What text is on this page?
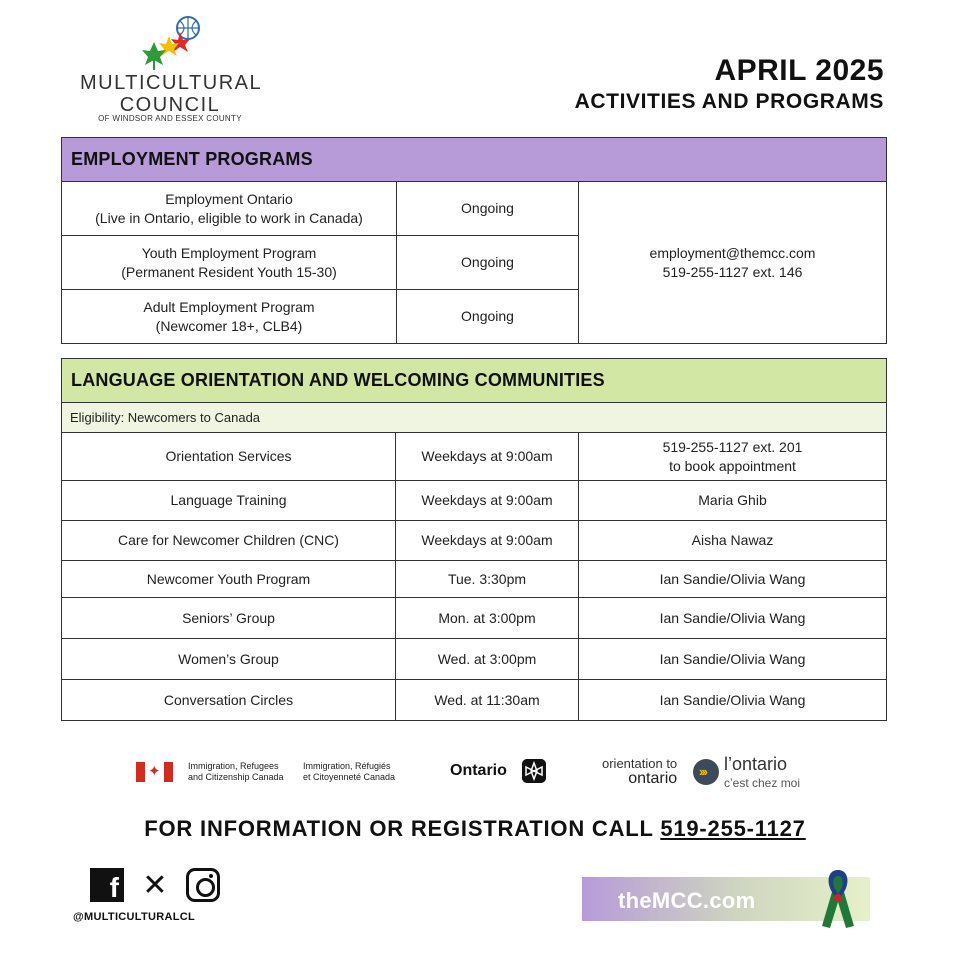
MULTICULTURAL
COUNCIL
OF WINDSOR AND ESSEX COUNTY
APRIL 2025
ACTIVITIES AND PROGRAMS
EMPLOYMENT PROGRAMS		
Employment Ontario
(Live in Ontario, eligible to work in Canada)	Ongoing	employment@themcc.com
519-255-1127 ext. 146
Youth Employment Program
(Permanent Resident Youth 15-30)	Ongoing	
Adult Employment Program
(Newcomer 18+, CLB4)	Ongoing	
LANGUAGE ORIENTATION AND WELCOMING COMMUNITIES		
Eligibility: Newcomers to Canada		
Orientation Services	Weekdays at 9:00am	519-255-1127 ext. 201
to book appointment
Language Training	Weekdays at 9:00am	Maria Ghib
Care for Newcomer Children (CNC)	Weekdays at 9:00am	Aisha Nawaz
Newcomer Youth Program	Tue. 3:30pm	Ian Sandie/Olivia Wang
Seniors’ Group	Mon. at 3:00pm	Ian Sandie/Olivia Wang
Women’s Group	Wed. at 3:00pm	Ian Sandie/Olivia Wang
Conversation Circles	Wed. at 11:30am	Ian Sandie/Olivia Wang
✦	Immigration, Refugees
and Citizenship Canada
Immigration, Réfugiés
et Citoyenneté Canada	Ontario	orientation to
ontario ››› l’ontario
c’est chez moi
FOR INFORMATION OR REGISTRATION CALL 519-255-1127
f ✕
@MULTICULTURALCL
theMCC.com
